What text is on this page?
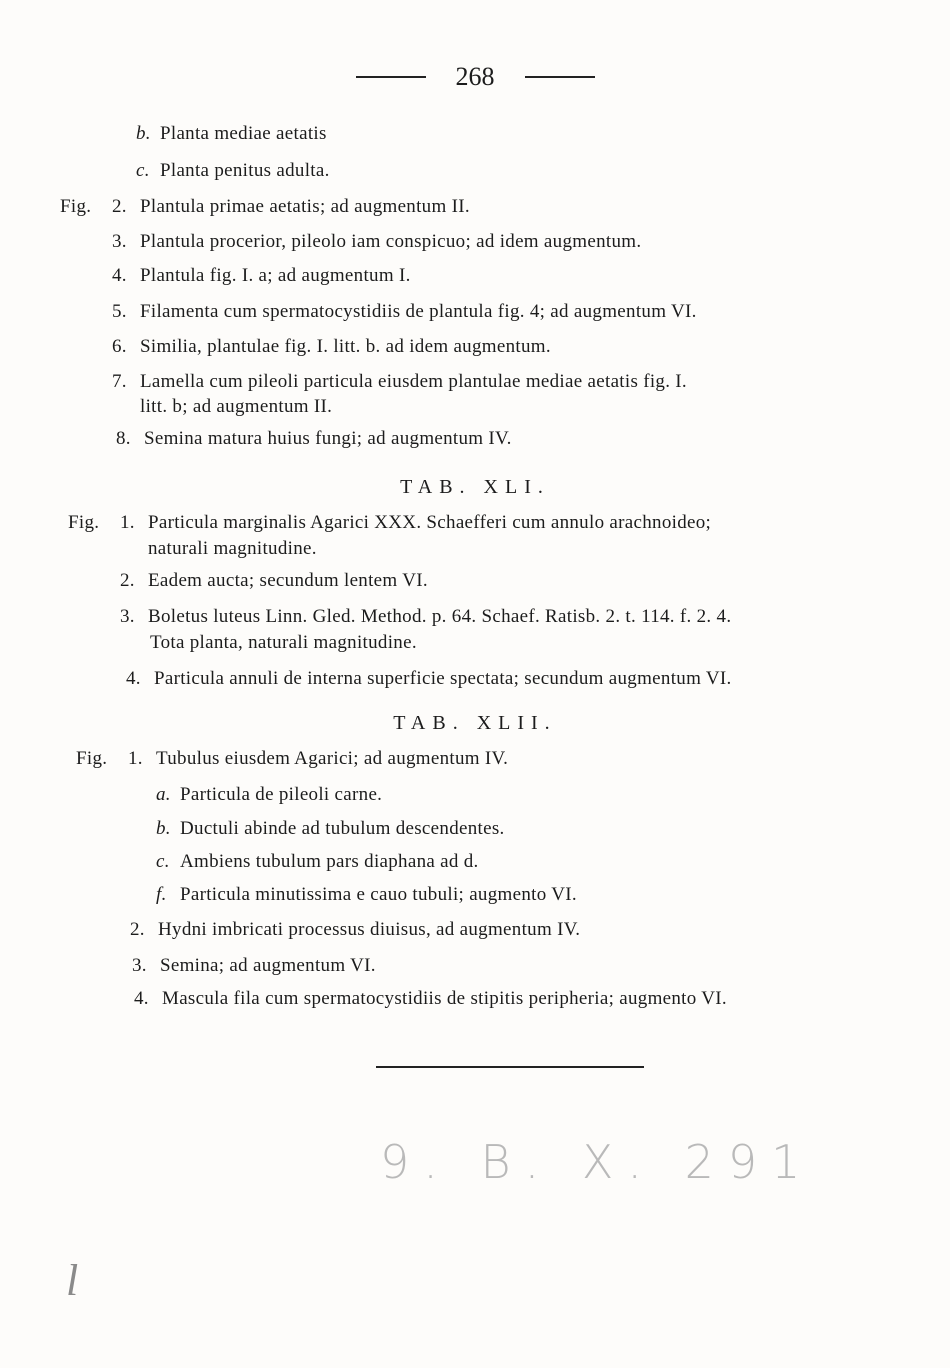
268
b. Planta mediae aetatis
c. Planta penitus adulta.
Fig. 2. Plantula primae aetatis; ad augmentum II.
3. Plantula procerior, pileolo iam conspicuo; ad idem augmentum.
4. Plantula fig. I. a; ad augmentum I.
5. Filamenta cum spermatocystidiis de plantula fig. 4; ad augmentum VI.
6. Similia, plantulae fig. I. litt. b. ad idem augmentum.
7. Lamella cum pileoli particula eiusdem plantulae mediae aetatis fig. I.
litt. b; ad augmentum II.
8. Semina matura huius fungi; ad augmentum IV.
TAB. XLI.
Fig. 1. Particula marginalis Agarici XXX. Schaefferi cum annulo arachnoideo;
naturali magnitudine.
2. Eadem aucta; secundum lentem VI.
3. Boletus luteus Linn. Gled. Method. p. 64. Schaef. Ratisb. 2. t. 114. f. 2. 4.
Tota planta, naturali magnitudine.
4. Particula annuli de interna superficie spectata; secundum augmentum VI.
TAB. XLII.
Fig. 1. Tubulus eiusdem Agarici; ad augmentum IV.
a. Particula de pileoli carne.
b. Ductuli abinde ad tubulum descendentes.
c. Ambiens tubulum pars diaphana ad d.
f. Particula minutissima e cauo tubuli; augmento VI.
2. Hydni imbricati processus diuisus, ad augmentum IV.
3. Semina; ad augmentum VI.
4. Mascula fila cum spermatocystidiis de stipitis peripheria; augmento VI.
9. B. X. 291
l
